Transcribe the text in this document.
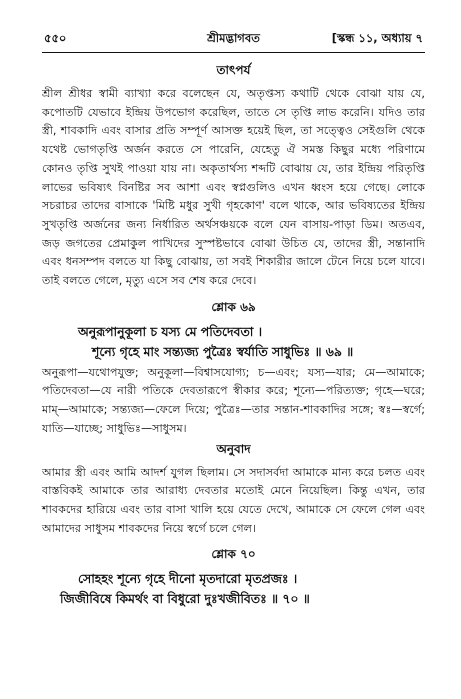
৫৫০	শ্রীমদ্ভাগবত	[স্কন্ধ ১১, অধ্যায় ৭
তাৎপর্য

শ্রীল শ্রীধর স্বামী ব্যাখ্যা করে বলেছেন যে, অতৃপ্তস্য কথাটি থেকে বোঝা যায় যে, কপোতটি যেভাবে ইন্দ্রিয় উপভোগ করেছিল, তাতে সে তৃপ্তি লাভ করেনি। যদিও তার স্ত্রী, শাবকাদি এবং বাসার প্রতি সম্পূর্ণ আসক্ত হয়েই ছিল, তা সত্ত্বেও সেইগুলি থেকে যথেষ্ট ভোগতৃপ্তি অর্জন করতে সে পারেনি, যেহেতু ঐ সমস্ত কিছুর মধ্যে পরিণামে কোনও তৃপ্তি সুখই পাওয়া যায় না। অকৃতার্থস্য শব্দটি বোঝায় যে, তার ইন্দ্রিয় পরিতৃপ্তি লাভের ভবিষ্যৎ বিনষ্টির সব আশা এবং স্বপ্নগুলিও এখন ধ্বংস হয়ে গেছে। লোকে সচরাচর তাদের বাসাকে 'মিষ্টি মধুর সুখী গৃহকোণ' বলে থাকে, আর ভবিষ্যতের ইন্দ্রিয় সুখতৃপ্তি অর্জনের জন্য নির্ধারিত অর্থসঞ্চয়কে বলে যেন বাসায়-পাড়া ডিম। অতএব, জড় জগতের প্রেমাকুল পাখিদের সুস্পষ্টভাবে বোঝা উচিত যে, তাদের স্ত্রী, সন্তানাদি এবং ধনসম্পদ বলতে যা কিছু বোঝায়, তা সবই শিকারীর জালে টেনে নিয়ে চলে যাবে। তাই বলতে গেলে, মৃত্যু এসে সব শেষ করে দেবে।

শ্লোক ৬৯

অনুরূপানুকূলা চ যস্য মে পতিদেবতা ।

শূন্যে গৃহে মাং সন্ত্যজ্য পুত্রৈঃ স্বর্যাতি সাধুভিঃ ॥ ৬৯ ॥

অনুরূপা—যথোপযুক্ত; অনুকূলা—বিশ্বাসযোগ্য; চ—এবং; যস্য—যার; মে—আমাকে; পতিদেবতা—যে নারী পতিকে দেবতারূপে স্বীকার করে; শূন্যে—পরিত্যক্ত; গৃহে—ঘরে; মাম্—আমাকে; সন্ত্যজ্য—ফেলে দিয়ে; পুত্রৈঃ—তার সন্তান-শাবকাদির সঙ্গে; স্বঃ—স্বর্গে; যাতি—যাচ্ছে; সাধুভিঃ—সাধুসম।

অনুবাদ

আমার স্ত্রী এবং আমি আদর্শ যুগল ছিলাম। সে সদাসর্বদা আমাকে মান্য করে চলত এবং বাস্তবিকই আমাকে তার আরাধ্য দেবতার মতোই মেনে নিয়েছিল। কিন্তু এখন, তার শাবকদের হারিয়ে এবং তার বাসা খালি হয়ে যেতে দেখে, আমাকে সে ফেলে গেল এবং আমাদের সাধুসম শাবকদের নিয়ে স্বর্গে চলে গেল।

শ্লোক ৭০

সোহহং শূন্যে গৃহে দীনো মৃতদারো মৃতপ্রজঃ ।

জিজীবিষে কিমর্থং বা বিধুরো দুঃখজীবিতঃ ॥ ৭০ ॥
